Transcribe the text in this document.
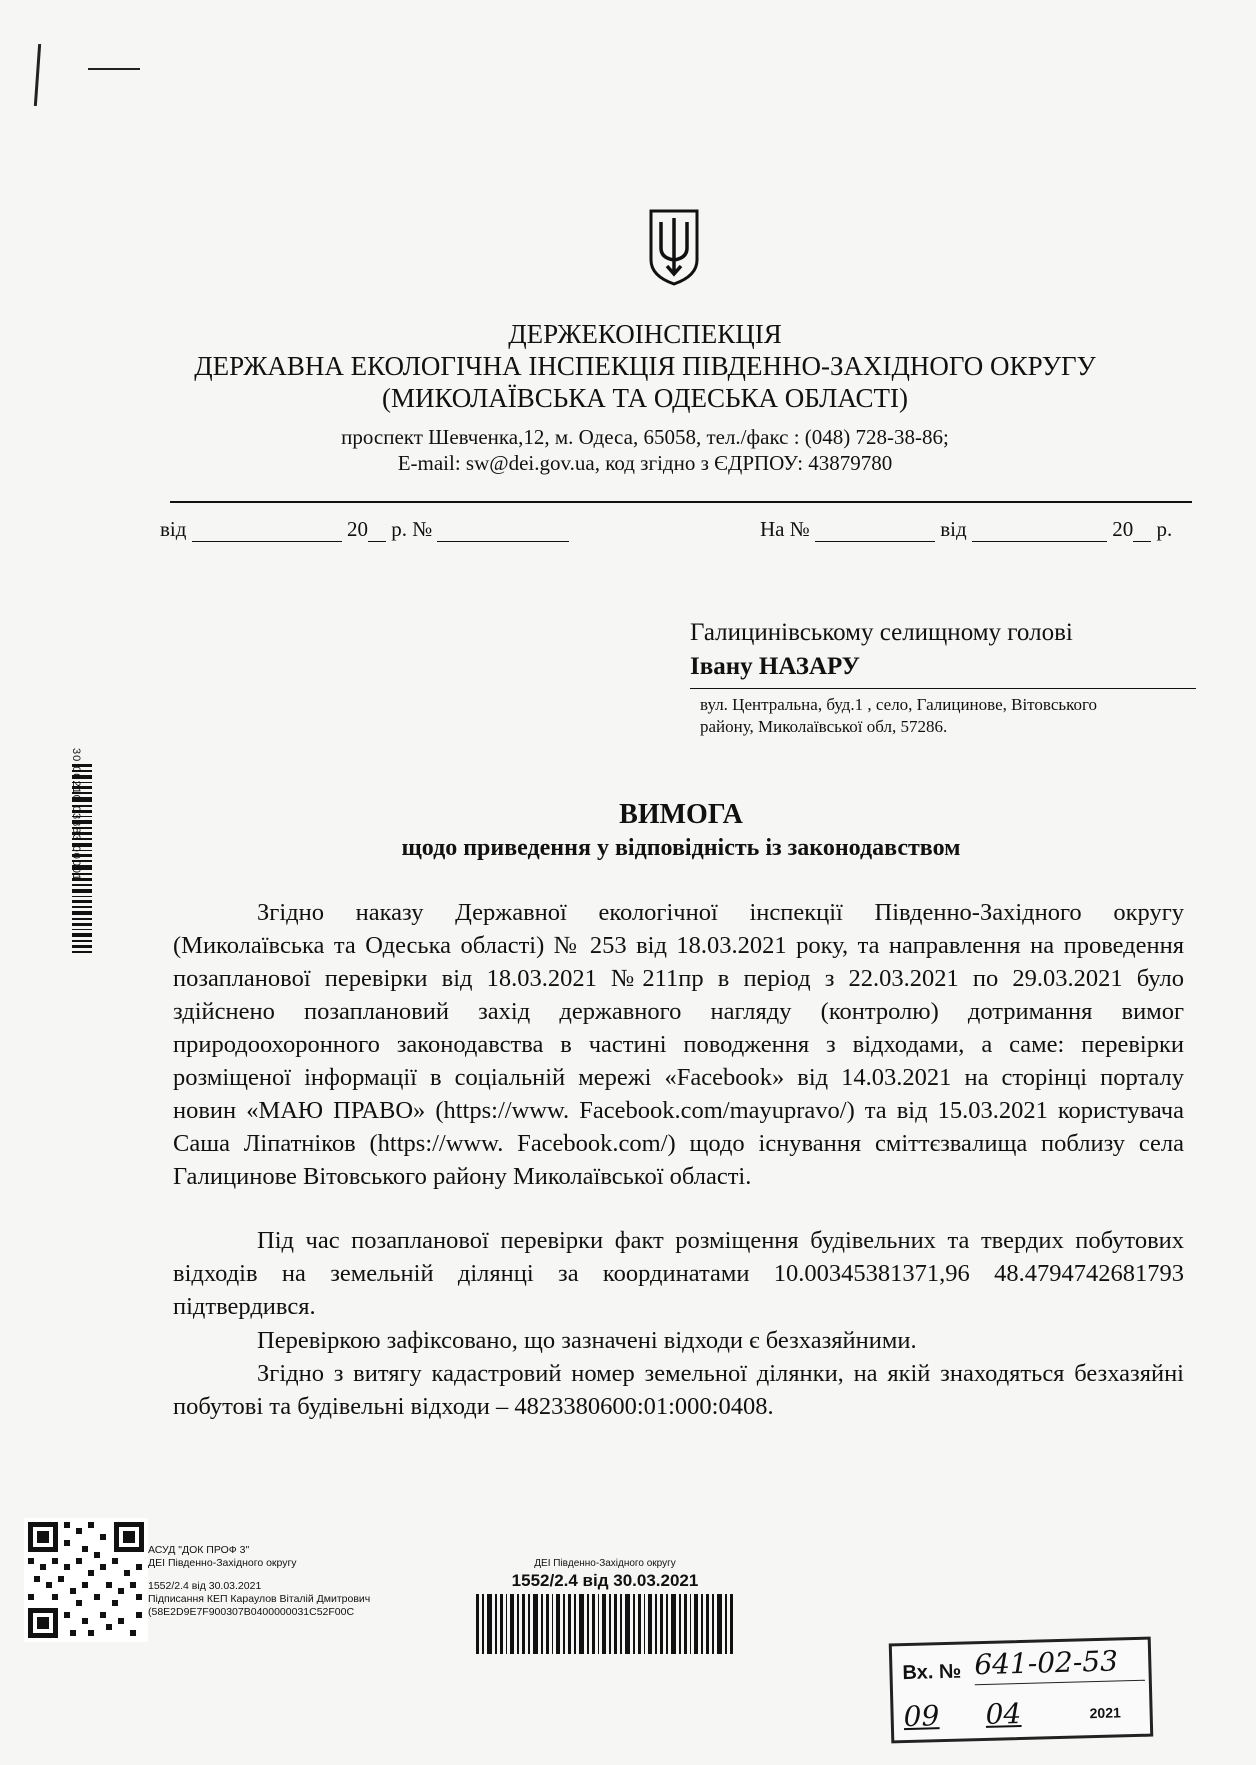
ДЕРЖЕКОІНСПЕКЦІЯ
ДЕРЖАВНА ЕКОЛОГІЧНА ІНСПЕКЦІЯ ПІВДЕННО-ЗАХІДНОГО ОКРУГУ
(МИКОЛАЇВСЬКА ТА ОДЕСЬКА ОБЛАСТІ)
проспект Шевченка,12, м. Одеса, 65058, тел./факс : (048) 728-38-86;
E-mail: sw@dei.gov.ua, код згідно з ЄДРПОУ: 43879780
від	20 р. №	На №	від	20 р.
Галицинівському селищному голові
Івану НАЗАРУ
вул. Центральна, буд.1 , село, Галицинове, Вітовського
району, Миколаївської обл, 57286.
ВИМОГА
щодо приведення у відповідність із законодавством

Згідно наказу Державної екологічної інспекції Південно-Західного округу (Миколаївська та Одеська області) № 253 від 18.03.2021 року, та направлення на проведення позапланової перевірки від 18.03.2021 №211пр в період з 22.03.2021 по 29.03.2021 було здійснено позаплановий захід державного нагляду (контролю) дотримання вимог природоохоронного законодавства в частині поводження з відходами, а саме: перевірки розміщеної інформації в соціальній мережі «Facebook» від 14.03.2021 на сторінці порталу новин «МАЮ ПРАВО» (https://www. Facebook.com/mayupravo/) та від 15.03.2021 користувача Саша Ліпатніков (https://www. Facebook.com/) щодо існування сміттєзвалища поблизу села Галицинове Вітовського району Миколаївської області.

Під час позапланової перевірки факт розміщення будівельних та твердих побутових відходів на земельній ділянці за координатами 10.00345381371,96 48.4794742681793 підтвердився.

Перевіркою зафіксовано, що зазначені відходи є безхазяйними.

Згідно з витягу кадастровий номер земельної ділянки, на якій знаходяться безхазяйні побутові та будівельні відходи – 4823380600:01:000:0408.

30 00210 03883 00001
АСУД "ДОК ПРОФ 3"
ДЕІ Південно-Західного округу
1552/2.4 від 30.03.2021
Підписання КЕП Караулов Віталій Дмитрович
(58E2D9E7F900307B0400000031C52F00C
ДЕІ Південно-Західного округу
1552/2.4 від 30.03.2021
Вх. № 641-02-53
09 04	2021
